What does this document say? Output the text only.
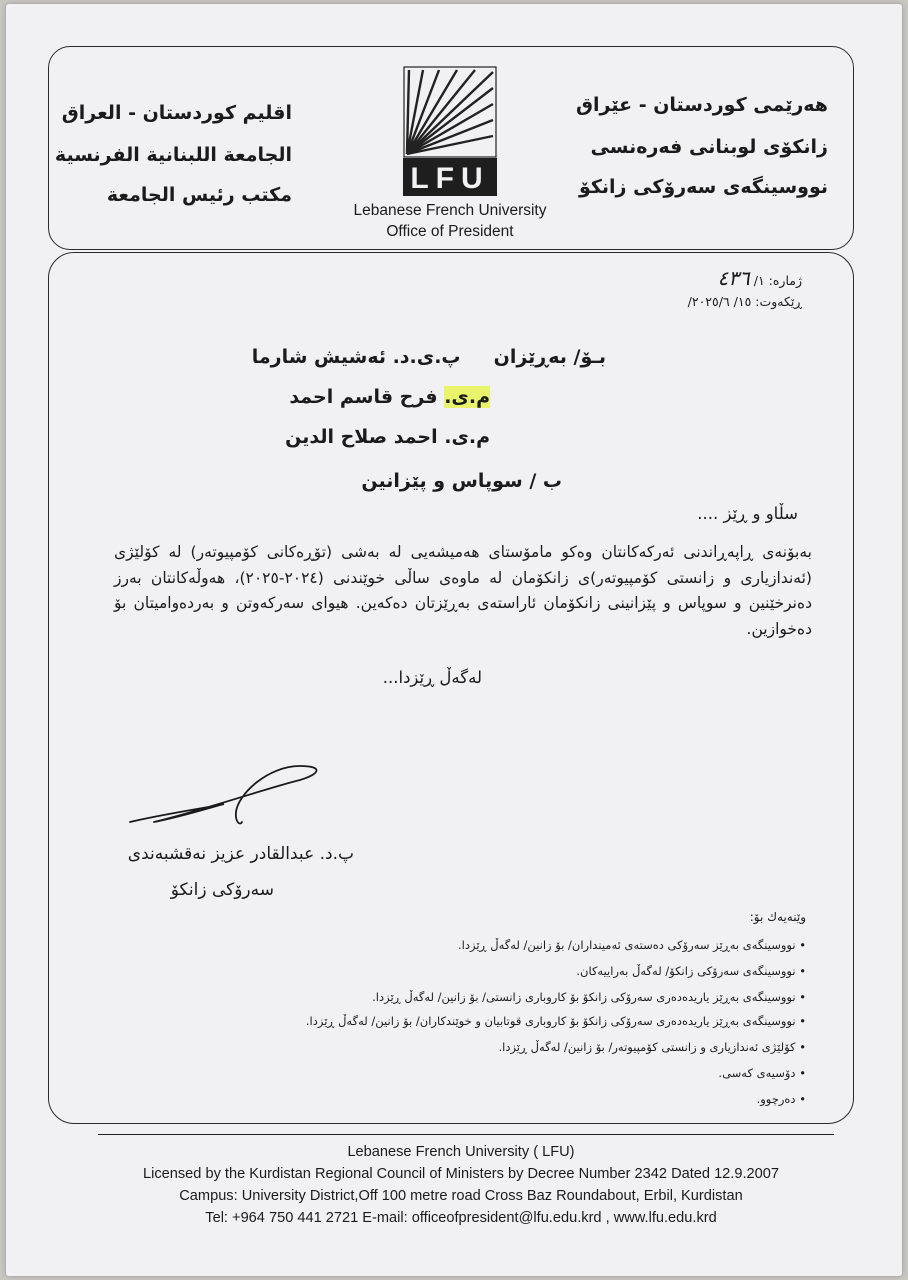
اقليم كوردستان - العراق
الجامعة اللبنانية الفرنسية
مكتب رئيس الجامعة
هەرێمی كوردستان - عێراق
زانكۆی لوبنانی فەرەنسی
نووسینگەی سەرۆكی زانكۆ
LFU
Lebanese French University
Office of President
ژمارە: ١/ ٤٣٦
ڕێكەوت: ١٥/ ٢٠٢٥/٦/
بـۆ/ بەڕێزان     پ.ى.د. ئەشیش شارما
م.ى. فرح قاسم احمد
م.ى. احمد صلاح الدين
ب / سوپاس و پێزانین
سڵاو و ڕێز ....
بەبۆنەی ڕاپەڕاندنی ئەركەكانتان وەكو مامۆستای هەمیشەیی لە بەشی (تۆڕەكانی كۆمپیوتەر) لە كۆلێژی (ئەندازیاری و زانستی كۆمپیوتەر)ی زانكۆمان لە ماوەی ساڵی خوێندنی (٢٠٢٤-٢٠٢٥)، هەوڵەكانتان بەرز دەنرخێنین و سوپاس و پێزانینی زانكۆمان ئاراستەی بەڕێزتان دەكەین. هیوای سەركەوتن و بەردەوامیتان بۆ دەخوازین.
لەگەڵ ڕێزدا...
پ.د. عبدالقادر عزیز نەقشبەندی
سەرۆكی زانكۆ
وێنەیەك بۆ:
• نووسینگەی بەڕێز سەرۆكی دەستەی ئەمینداران/ بۆ زانین/ لەگەڵ ڕێزدا.
• نووسینگەی سەرۆكی زانكۆ/ لەگەڵ بەراییەكان.
• نووسینگەی بەڕێز یاریدەدەری سەرۆكی زانكۆ بۆ كاروباری زانستی/ بۆ زانین/ لەگەڵ ڕێزدا.
• نووسینگەی بەڕێز یاریدەدەری سەرۆكی زانكۆ بۆ كاروباری قوتابیان و خوێندكاران/ بۆ زانین/ لەگەڵ ڕێزدا.
• كۆلێژی ئەندازیاری و زانستی كۆمپیوتەر/ بۆ زانین/ لەگەڵ ڕێزدا.
• دۆسیەی كەسی.
• دەرچوو.
Lebanese French University ( LFU)
Licensed by the Kurdistan Regional Council of Ministers by Decree Number 2342 Dated 12.9.2007
Campus: University District,Off 100 metre road Cross Baz Roundabout, Erbil, Kurdistan
Tel: +964 750 441 2721 E-mail: officeofpresident@lfu.edu.krd , www.lfu.edu.krd
